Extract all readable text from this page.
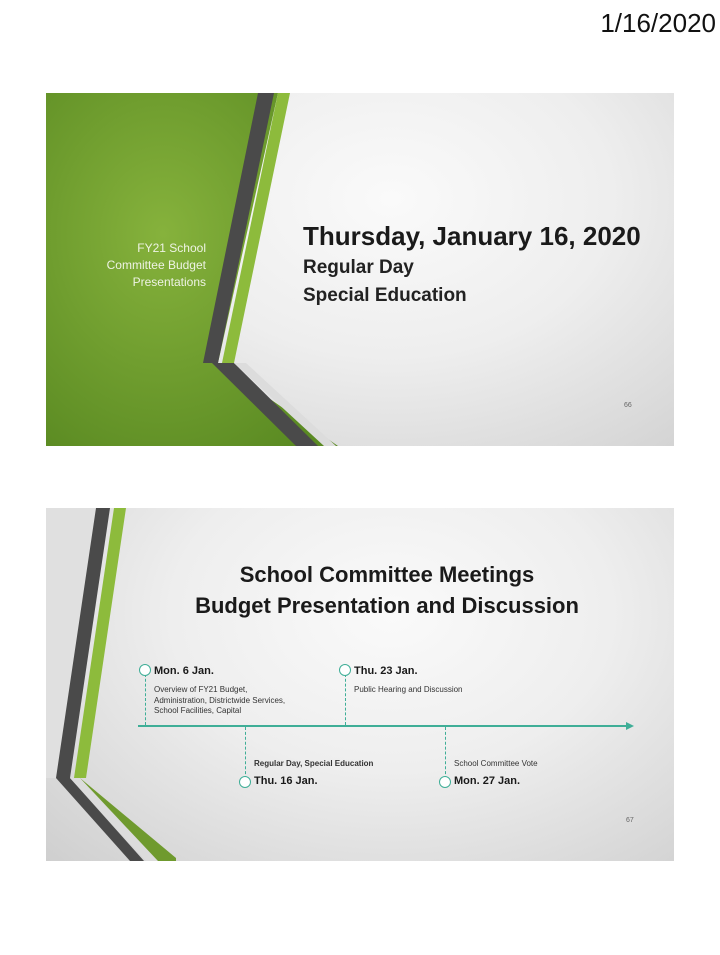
1/16/2020
FY21 School
Committee Budget
Presentations
Thursday, January 16, 2020
Regular Day
Special Education
66
School Committee Meetings
Budget Presentation and Discussion
Mon. 6 Jan.
Overview of FY21 Budget,
Administration, Districtwide Services,
School Facilities, Capital
Thu. 23 Jan.
Public Hearing and Discussion
Regular Day, Special Education
Thu. 16 Jan.
School Committee Vote
Mon. 27 Jan.
67
